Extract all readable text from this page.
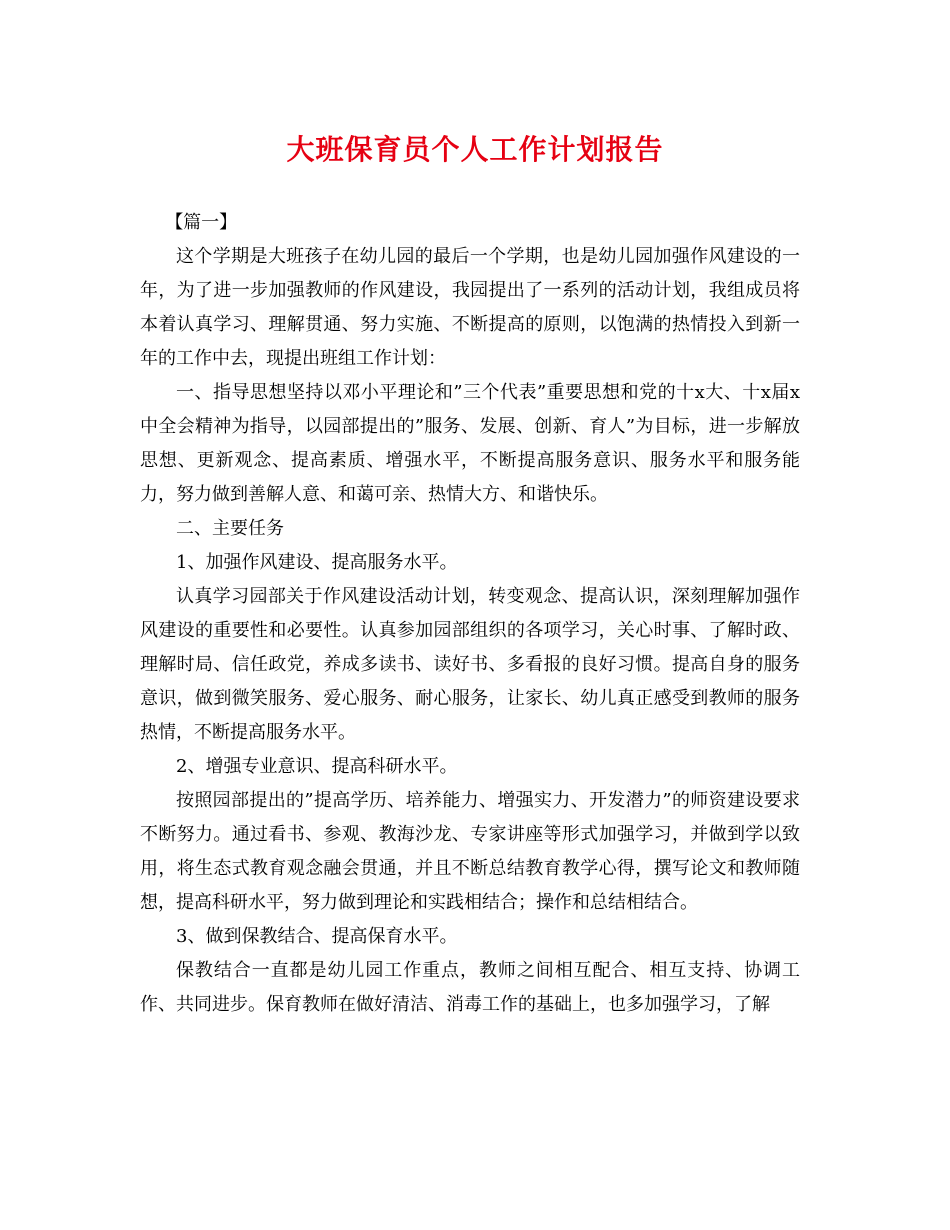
大班保育员个人工作计划报告

【篇一】

这个学期是大班孩子在幼儿园的最后一个学期，也是幼儿园加强作风建设的一年，为了进一步加强教师的作风建设，我园提出了一系列的活动计划，我组成员将本着认真学习、理解贯通、努力实施、不断提高的原则，以饱满的热情投入到新一年的工作中去，现提出班组工作计划：

一、指导思想坚持以邓小平理论和”三个代表”重要思想和党的十x大、十x届x中全会精神为指导，以园部提出的”服务、发展、创新、育人”为目标，进一步解放思想、更新观念、提高素质、增强水平，不断提高服务意识、服务水平和服务能力，努力做到善解人意、和蔼可亲、热情大方、和谐快乐。

二、主要任务

1、加强作风建设、提高服务水平。

认真学习园部关于作风建设活动计划，转变观念、提高认识，深刻理解加强作风建设的重要性和必要性。认真参加园部组织的各项学习，关心时事、了解时政、理解时局、信任政党，养成多读书、读好书、多看报的良好习惯。提高自身的服务意识，做到微笑服务、爱心服务、耐心服务，让家长、幼儿真正感受到教师的服务热情，不断提高服务水平。

2、增强专业意识、提高科研水平。

按照园部提出的”提高学历、培养能力、增强实力、开发潜力”的师资建设要求不断努力。通过看书、参观、教海沙龙、专家讲座等形式加强学习，并做到学以致用，将生态式教育观念融会贯通，并且不断总结教育教学心得，撰写论文和教师随想，提高科研水平，努力做到理论和实践相结合；操作和总结相结合。

3、做到保教结合、提高保育水平。

保教结合一直都是幼儿园工作重点，教师之间相互配合、相互支持、协调工作、共同进步。保育教师在做好清洁、消毒工作的基础上，也多加强学习，了解
